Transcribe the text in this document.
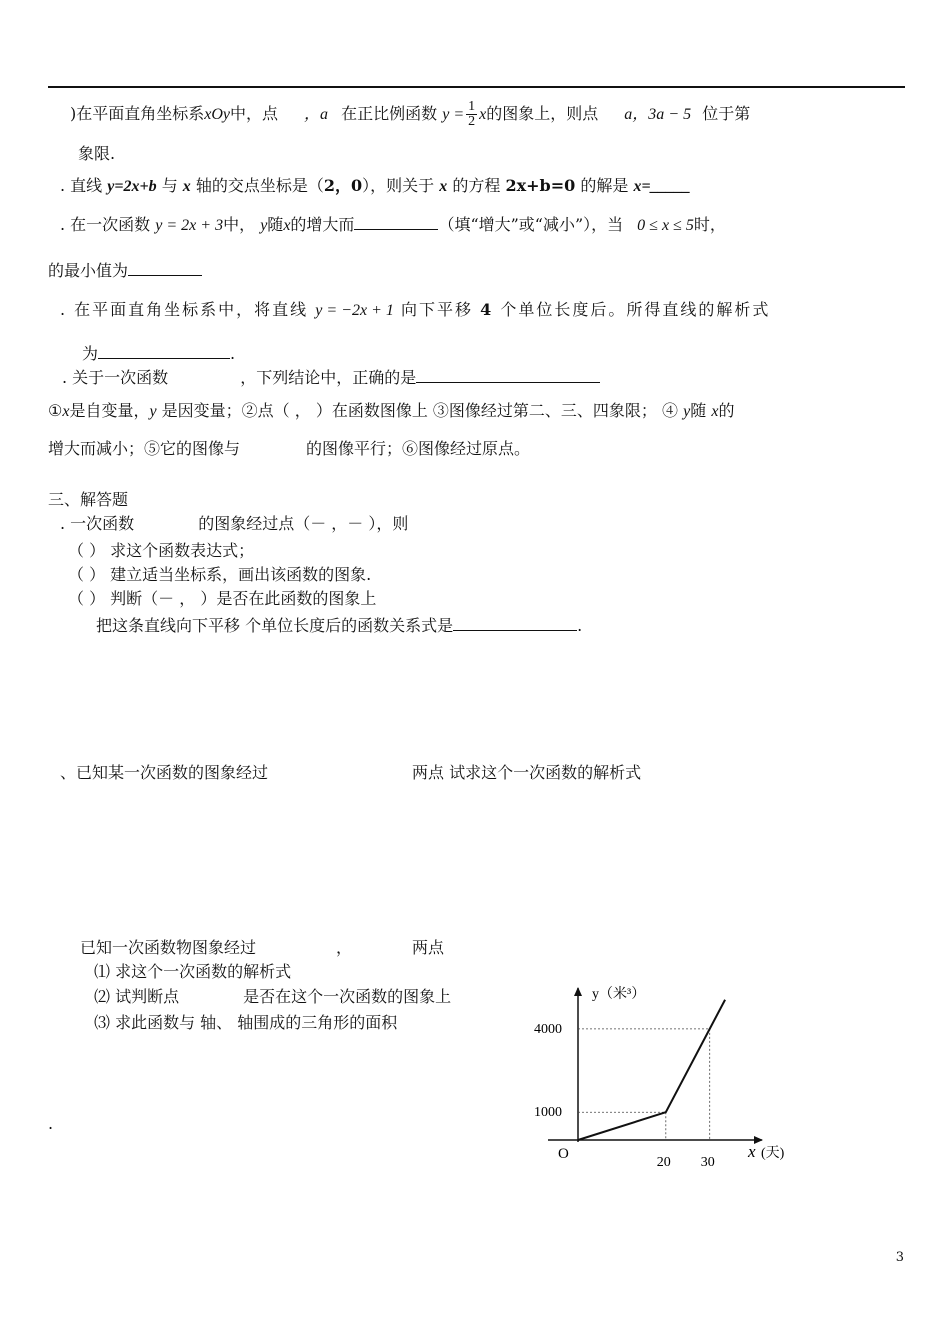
)在平面直角坐标系xOy中，点 ，a 在正比例函数 $y = \frac{1}{2}$ x的图象上，则点 a，3a − 5 位于第
象限.
. 直线 y=2x+b 与 x 轴的交点坐标是（2，0），则关于 x 的方程 2x+b=0 的解是 x=_____
. 在一次函数 y = 2x + 3中， y随x的增大而	（填“增大”或“减小”），当 0 ≤ x ≤ 5时，
的最小值为
. 在平面直角坐标系中，将直线 y = −2x + 1 向下平移 4 个单位长度后。所得直线的解析式
为	.
. 关于一次函数	，下列结论中，正确的是
①x是自变量，y 是因变量；②点（ ， ）在函数图像上 ③图像经过第二、三、四象限； ④ y随 x的
增大而减小；⑤它的图像与	的图像平行；⑥图像经过原点。
三、解答题
. 一次函数	的图象经过点（－ ，－ ），则
（ ） 求这个函数表达式；
（ ） 建立适当坐标系，画出该函数的图象.
（ ） 判断（－ ， ）是否在此函数的图象上
把这条直线向下平移 个单位长度后的函数关系式是	.
、已知某一次函数的图象经过	两点 试求这个一次函数的解析式
已知一次函数物图象经过	，	两点
⑴ 求这个一次函数的解析式
⑵ 试判断点	是否在这个一次函数的图象上
⑶ 求此函数与 轴、 轴围成的三角形的面积
.
y（米³）
O	x (天)
20 30
1000
4000
3
